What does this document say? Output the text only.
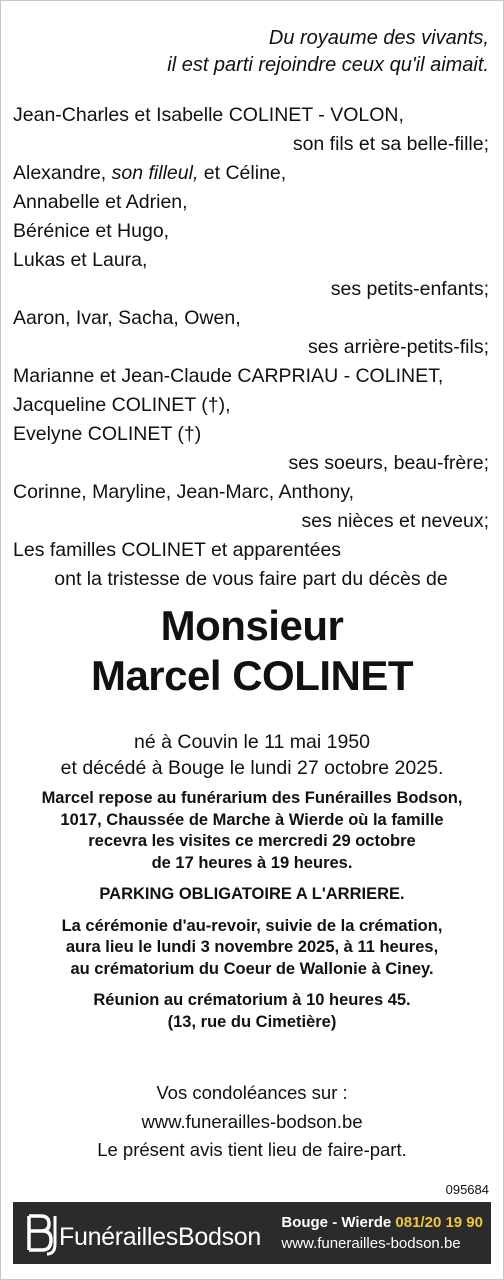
Du royaume des vivants,
il est parti rejoindre ceux qu'il aimait.
Jean-Charles et Isabelle COLINET - VOLON,
son fils et sa belle-fille;
Alexandre, son filleul, et Céline,
Annabelle et Adrien,
Bérénice et Hugo,
Lukas et Laura,
ses petits-enfants;
Aaron, Ivar, Sacha, Owen,
ses arrière-petits-fils;
Marianne et Jean-Claude CARPRIAU - COLINET,
Jacqueline COLINET (†),
Evelyne COLINET (†)
ses soeurs, beau-frère;
Corinne, Maryline, Jean-Marc, Anthony,
ses nièces et neveux;
Les familles COLINET et apparentées
ont la tristesse de vous faire part du décès de
Monsieur
Marcel COLINET
né à Couvin le 11 mai 1950
et décédé à Bouge le lundi 27 octobre 2025.

Marcel repose au funérarium des Funérailles Bodson,
1017, Chaussée de Marche à Wierde où la famille
recevra les visites ce mercredi 29 octobre
de 17 heures à 19 heures.

PARKING OBLIGATOIRE A L'ARRIERE.

La cérémonie d'au-revoir, suivie de la crémation,
aura lieu le lundi 3 novembre 2025, à 11 heures,
au crématorium du Coeur de Wallonie à Ciney.

Réunion au crématorium à 10 heures 45.
(13, rue du Cimetière)

Vos condoléances sur :
www.funerailles-bodson.be
Le présent avis tient lieu de faire-part.
095684
FunéraillesBodson
Bouge - Wierde 081/20 19 90
www.funerailles-bodson.be
